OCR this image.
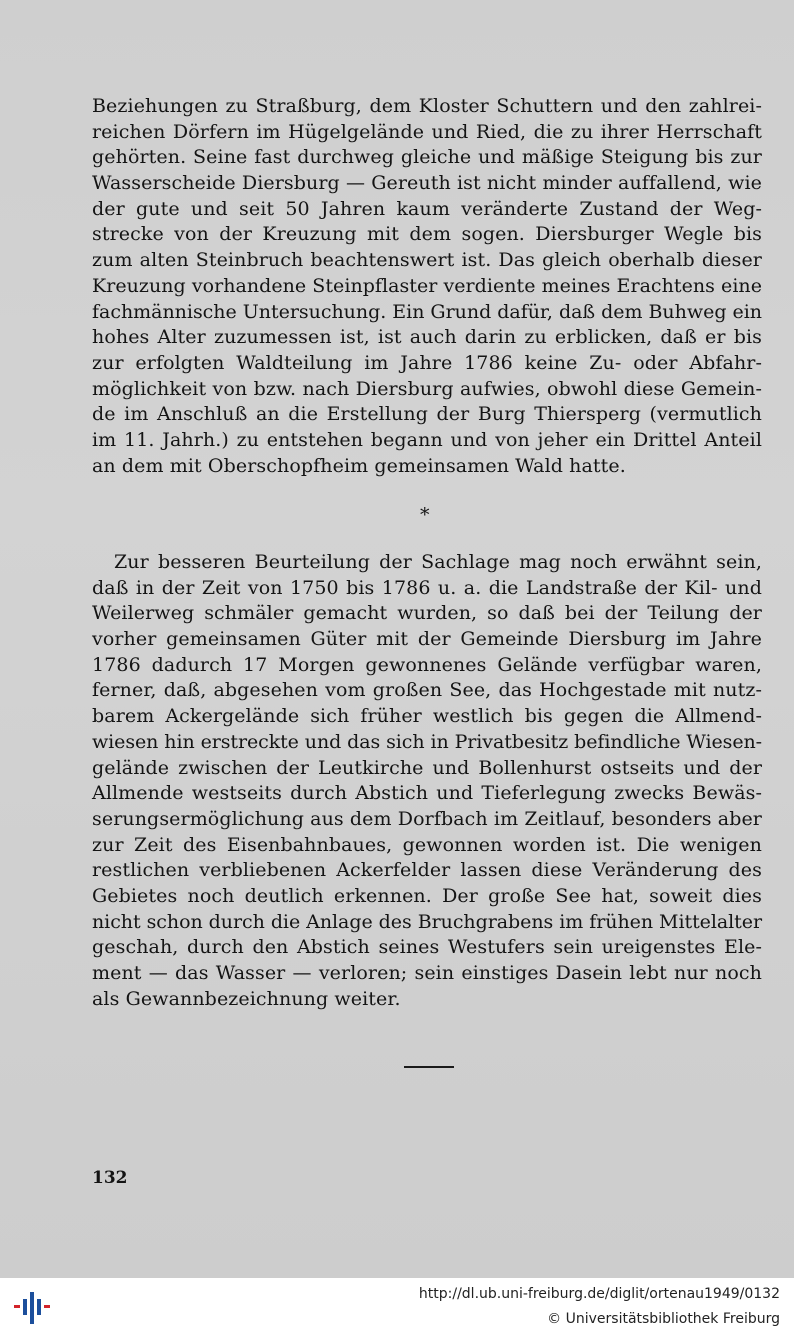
Beziehungen zu Straßburg, dem Kloster Schuttern und den zahlrei-
reichen Dörfern im Hügelgelände und Ried, die zu ihrer Herrschaft
gehörten. Seine fast durchweg gleiche und mäßige Steigung bis zur
Wasserscheide Diersburg — Gereuth ist nicht minder auffallend, wie
der gute und seit 50 Jahren kaum veränderte Zustand der Weg-
strecke von der Kreuzung mit dem sogen. Diersburger Wegle bis
zum alten Steinbruch beachtenswert ist. Das gleich oberhalb dieser
Kreuzung vorhandene Steinpflaster verdiente meines Erachtens eine
fachmännische Untersuchung. Ein Grund dafür, daß dem Buhweg ein
hohes Alter zuzumessen ist, ist auch darin zu erblicken, daß er bis
zur erfolgten Waldteilung im Jahre 1786 keine Zu- oder Abfahr-
möglichkeit von bzw. nach Diersburg aufwies, obwohl diese Gemein-
de im Anschluß an die Erstellung der Burg Thiersperg (vermutlich
im 11. Jahrh.) zu entstehen begann und von jeher ein Drittel Anteil
an dem mit Oberschopfheim gemeinsamen Wald hatte.
*
Zur besseren Beurteilung der Sachlage mag noch erwähnt sein,
daß in der Zeit von 1750 bis 1786 u. a. die Landstraße der Kil- und
Weilerweg schmäler gemacht wurden, so daß bei der Teilung der
vorher gemeinsamen Güter mit der Gemeinde Diersburg im Jahre
1786 dadurch 17 Morgen gewonnenes Gelände verfügbar waren,
ferner, daß, abgesehen vom großen See, das Hochgestade mit nutz-
barem Ackergelände sich früher westlich bis gegen die Allmend-
wiesen hin erstreckte und das sich in Privatbesitz befindliche Wiesen-
gelände zwischen der Leutkirche und Bollenhurst ostseits und der
Allmende westseits durch Abstich und Tieferlegung zwecks Bewäs-
serungsermöglichung aus dem Dorfbach im Zeitlauf, besonders aber
zur Zeit des Eisenbahnbaues, gewonnen worden ist. Die wenigen
restlichen verbliebenen Ackerfelder lassen diese Veränderung des
Gebietes noch deutlich erkennen. Der große See hat, soweit dies
nicht schon durch die Anlage des Bruchgrabens im frühen Mittelalter
geschah, durch den Abstich seines Westufers sein ureigenstes Ele-
ment — das Wasser — verloren; sein einstiges Dasein lebt nur noch
als Gewannbezeichnung weiter.
132
http://dl.ub.uni-freiburg.de/diglit/ortenau1949/0132
© Universitätsbibliothek Freiburg
